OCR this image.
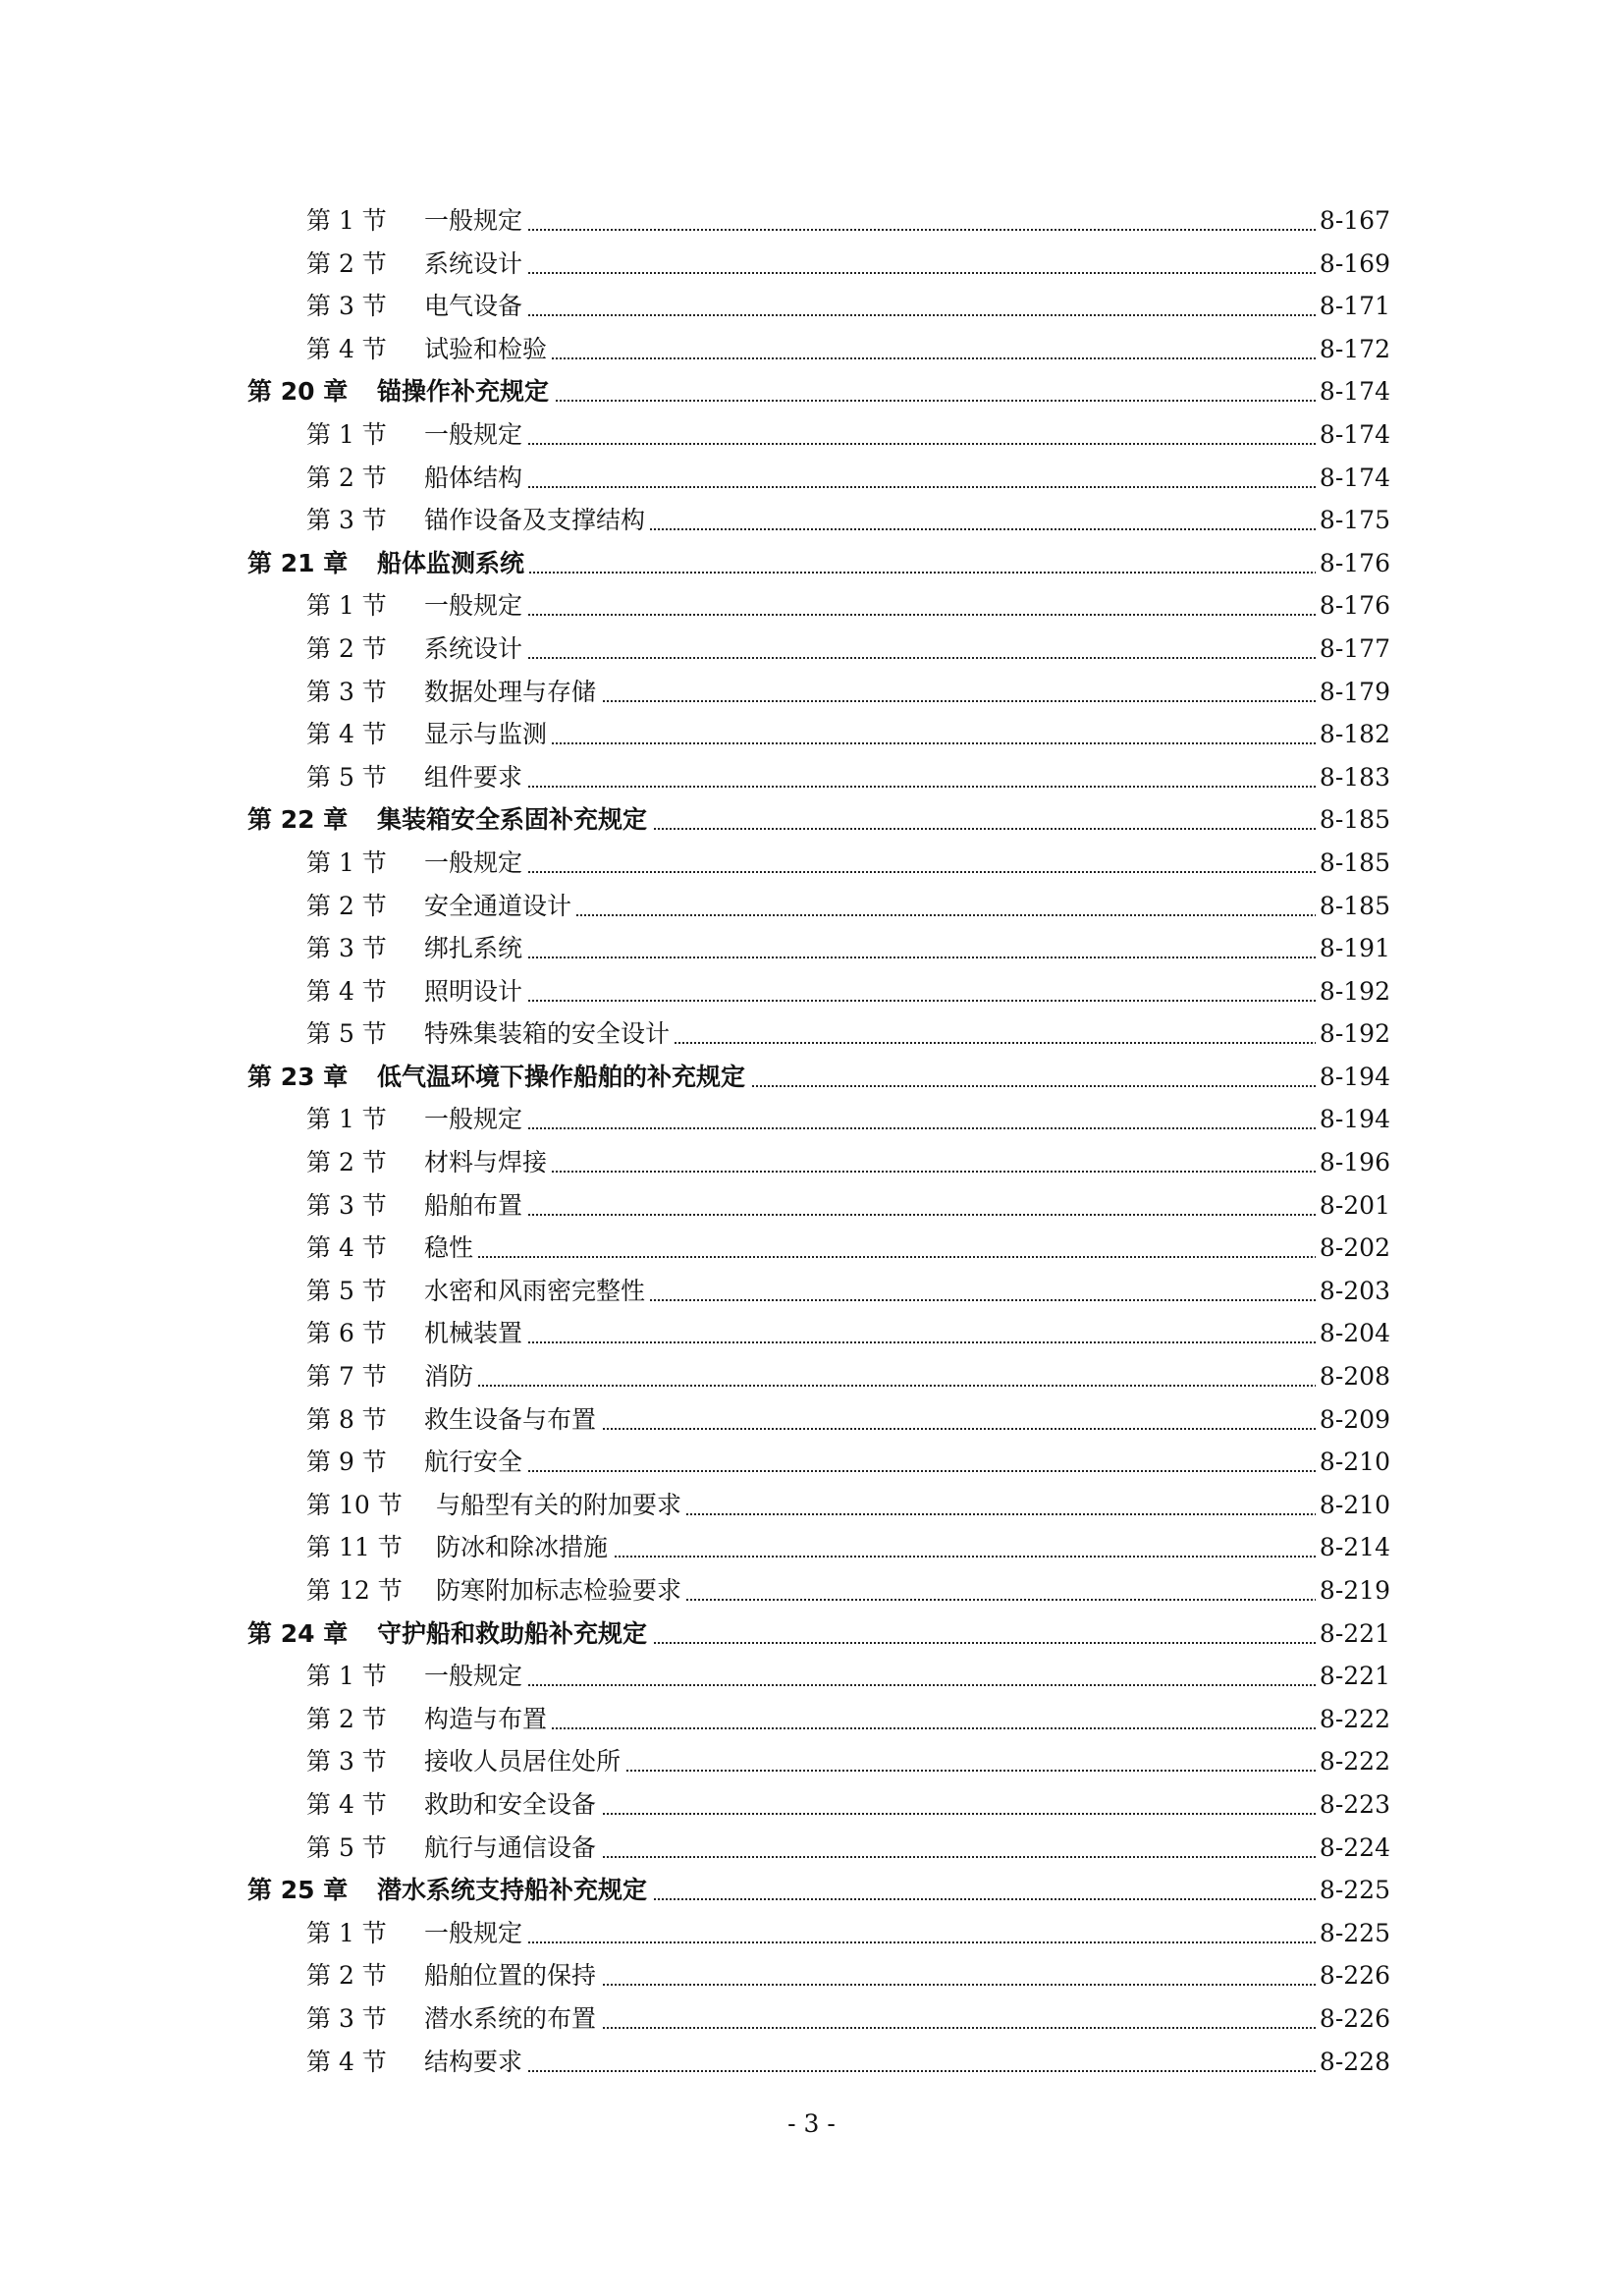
第 1 节 一般规定	8-167
第 2 节 系统设计	8-169
第 3 节 电气设备	8-171
第 4 节 试验和检验	8-172
第 20 章 锚操作补充规定	8-174
第 1 节 一般规定	8-174
第 2 节 船体结构	8-174
第 3 节 锚作设备及支撑结构	8-175
第 21 章 船体监测系统	8-176
第 1 节 一般规定	8-176
第 2 节 系统设计	8-177
第 3 节 数据处理与存储	8-179
第 4 节 显示与监测	8-182
第 5 节 组件要求	8-183
第 22 章 集装箱安全系固补充规定	8-185
第 1 节 一般规定	8-185
第 2 节 安全通道设计	8-185
第 3 节 绑扎系统	8-191
第 4 节 照明设计	8-192
第 5 节 特殊集装箱的安全设计	8-192
第 23 章 低气温环境下操作船舶的补充规定	8-194
第 1 节 一般规定	8-194
第 2 节 材料与焊接	8-196
第 3 节 船舶布置	8-201
第 4 节 稳性	8-202
第 5 节 水密和风雨密完整性	8-203
第 6 节 机械装置	8-204
第 7 节 消防	8-208
第 8 节 救生设备与布置	8-209
第 9 节 航行安全	8-210
第 10 节 与船型有关的附加要求	8-210
第 11 节 防冰和除冰措施	8-214
第 12 节 防寒附加标志检验要求	8-219
第 24 章 守护船和救助船补充规定	8-221
第 1 节 一般规定	8-221
第 2 节 构造与布置	8-222
第 3 节 接收人员居住处所	8-222
第 4 节 救助和安全设备	8-223
第 5 节 航行与通信设备	8-224
第 25 章 潜水系统支持船补充规定	8-225
第 1 节 一般规定	8-225
第 2 节 船舶位置的保持	8-226
第 3 节 潜水系统的布置	8-226
第 4 节 结构要求	8-228
- 3 -
